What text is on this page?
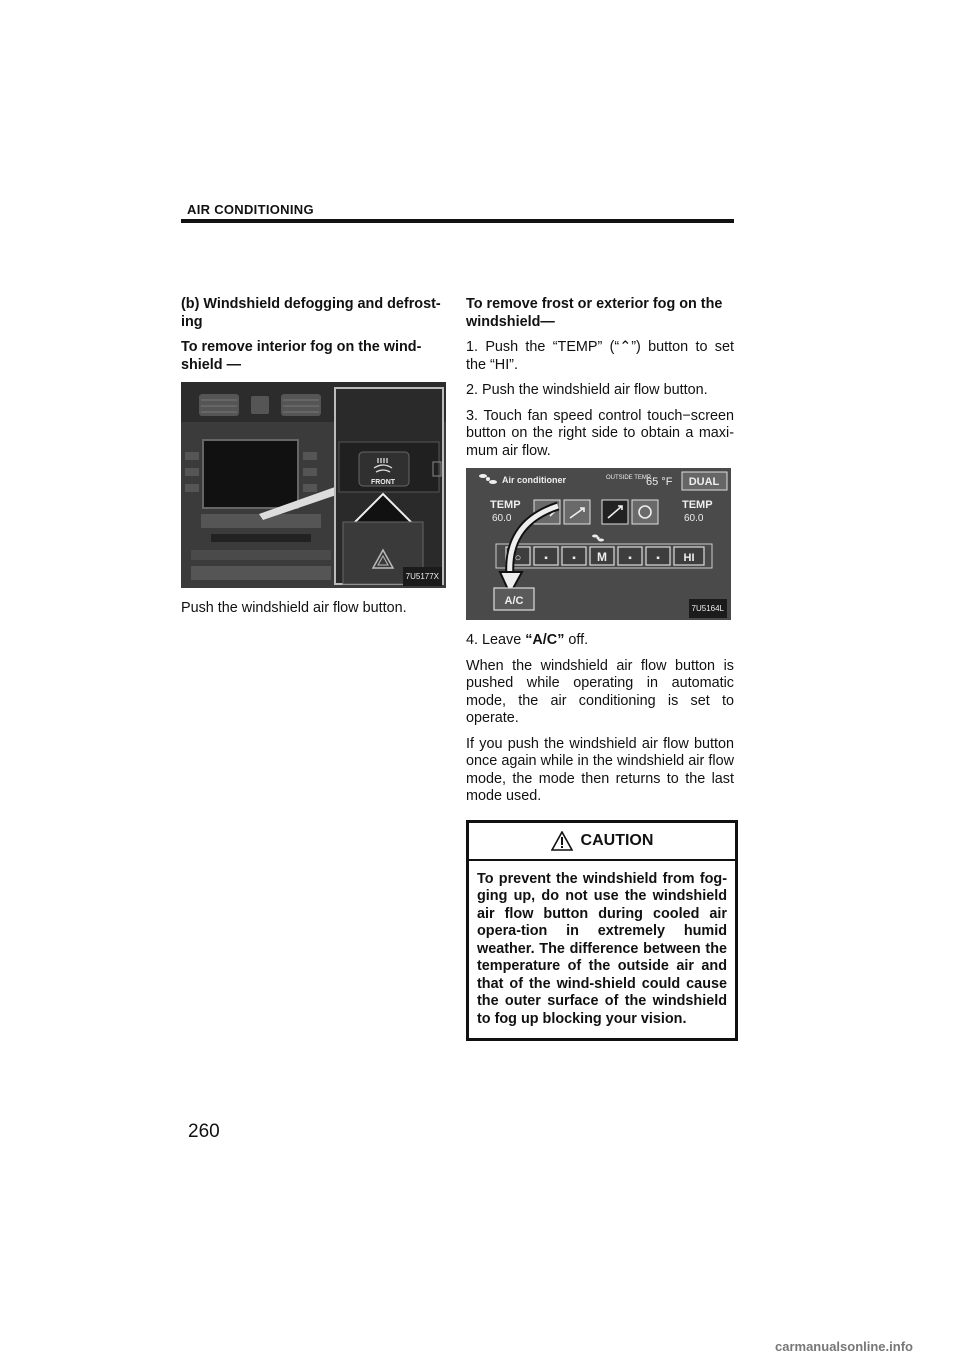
AIR CONDITIONING

(b) Windshield defogging and defrost-ing

To remove interior fog on the wind-shield —

FRONT
7U5177X

Push the windshield air flow button.

To remove frost or exterior fog on the windshield—

1. Push the “TEMP” (“⌃”) button to set the “HI”.

2. Push the windshield air flow button.

3. Touch fan speed control touch−screen button on the right side to obtain a maxi-mum air flow.

Air conditioner	OUTSIDE TEMP
65 °F DUAL
TEMP
60.0
TEMP
60.0
○ ▪ ▪ M ▪ ▪ HI
A/C
7U5164L

4. Leave “A/C” off.

When the windshield air flow button is pushed while operating in automatic mode, the air conditioning is set to operate.

If you push the windshield air flow button once again while in the windshield air flow mode, the mode then returns to the last mode used.

CAUTION
To prevent the windshield from fog-ging up, do not use the windshield air flow button during cooled air opera-tion in extremely humid weather. The difference between the temperature of the outside air and that of the wind-shield could cause the outer surface of the windshield to fog up blocking your vision.
260
carmanualsonline.info
